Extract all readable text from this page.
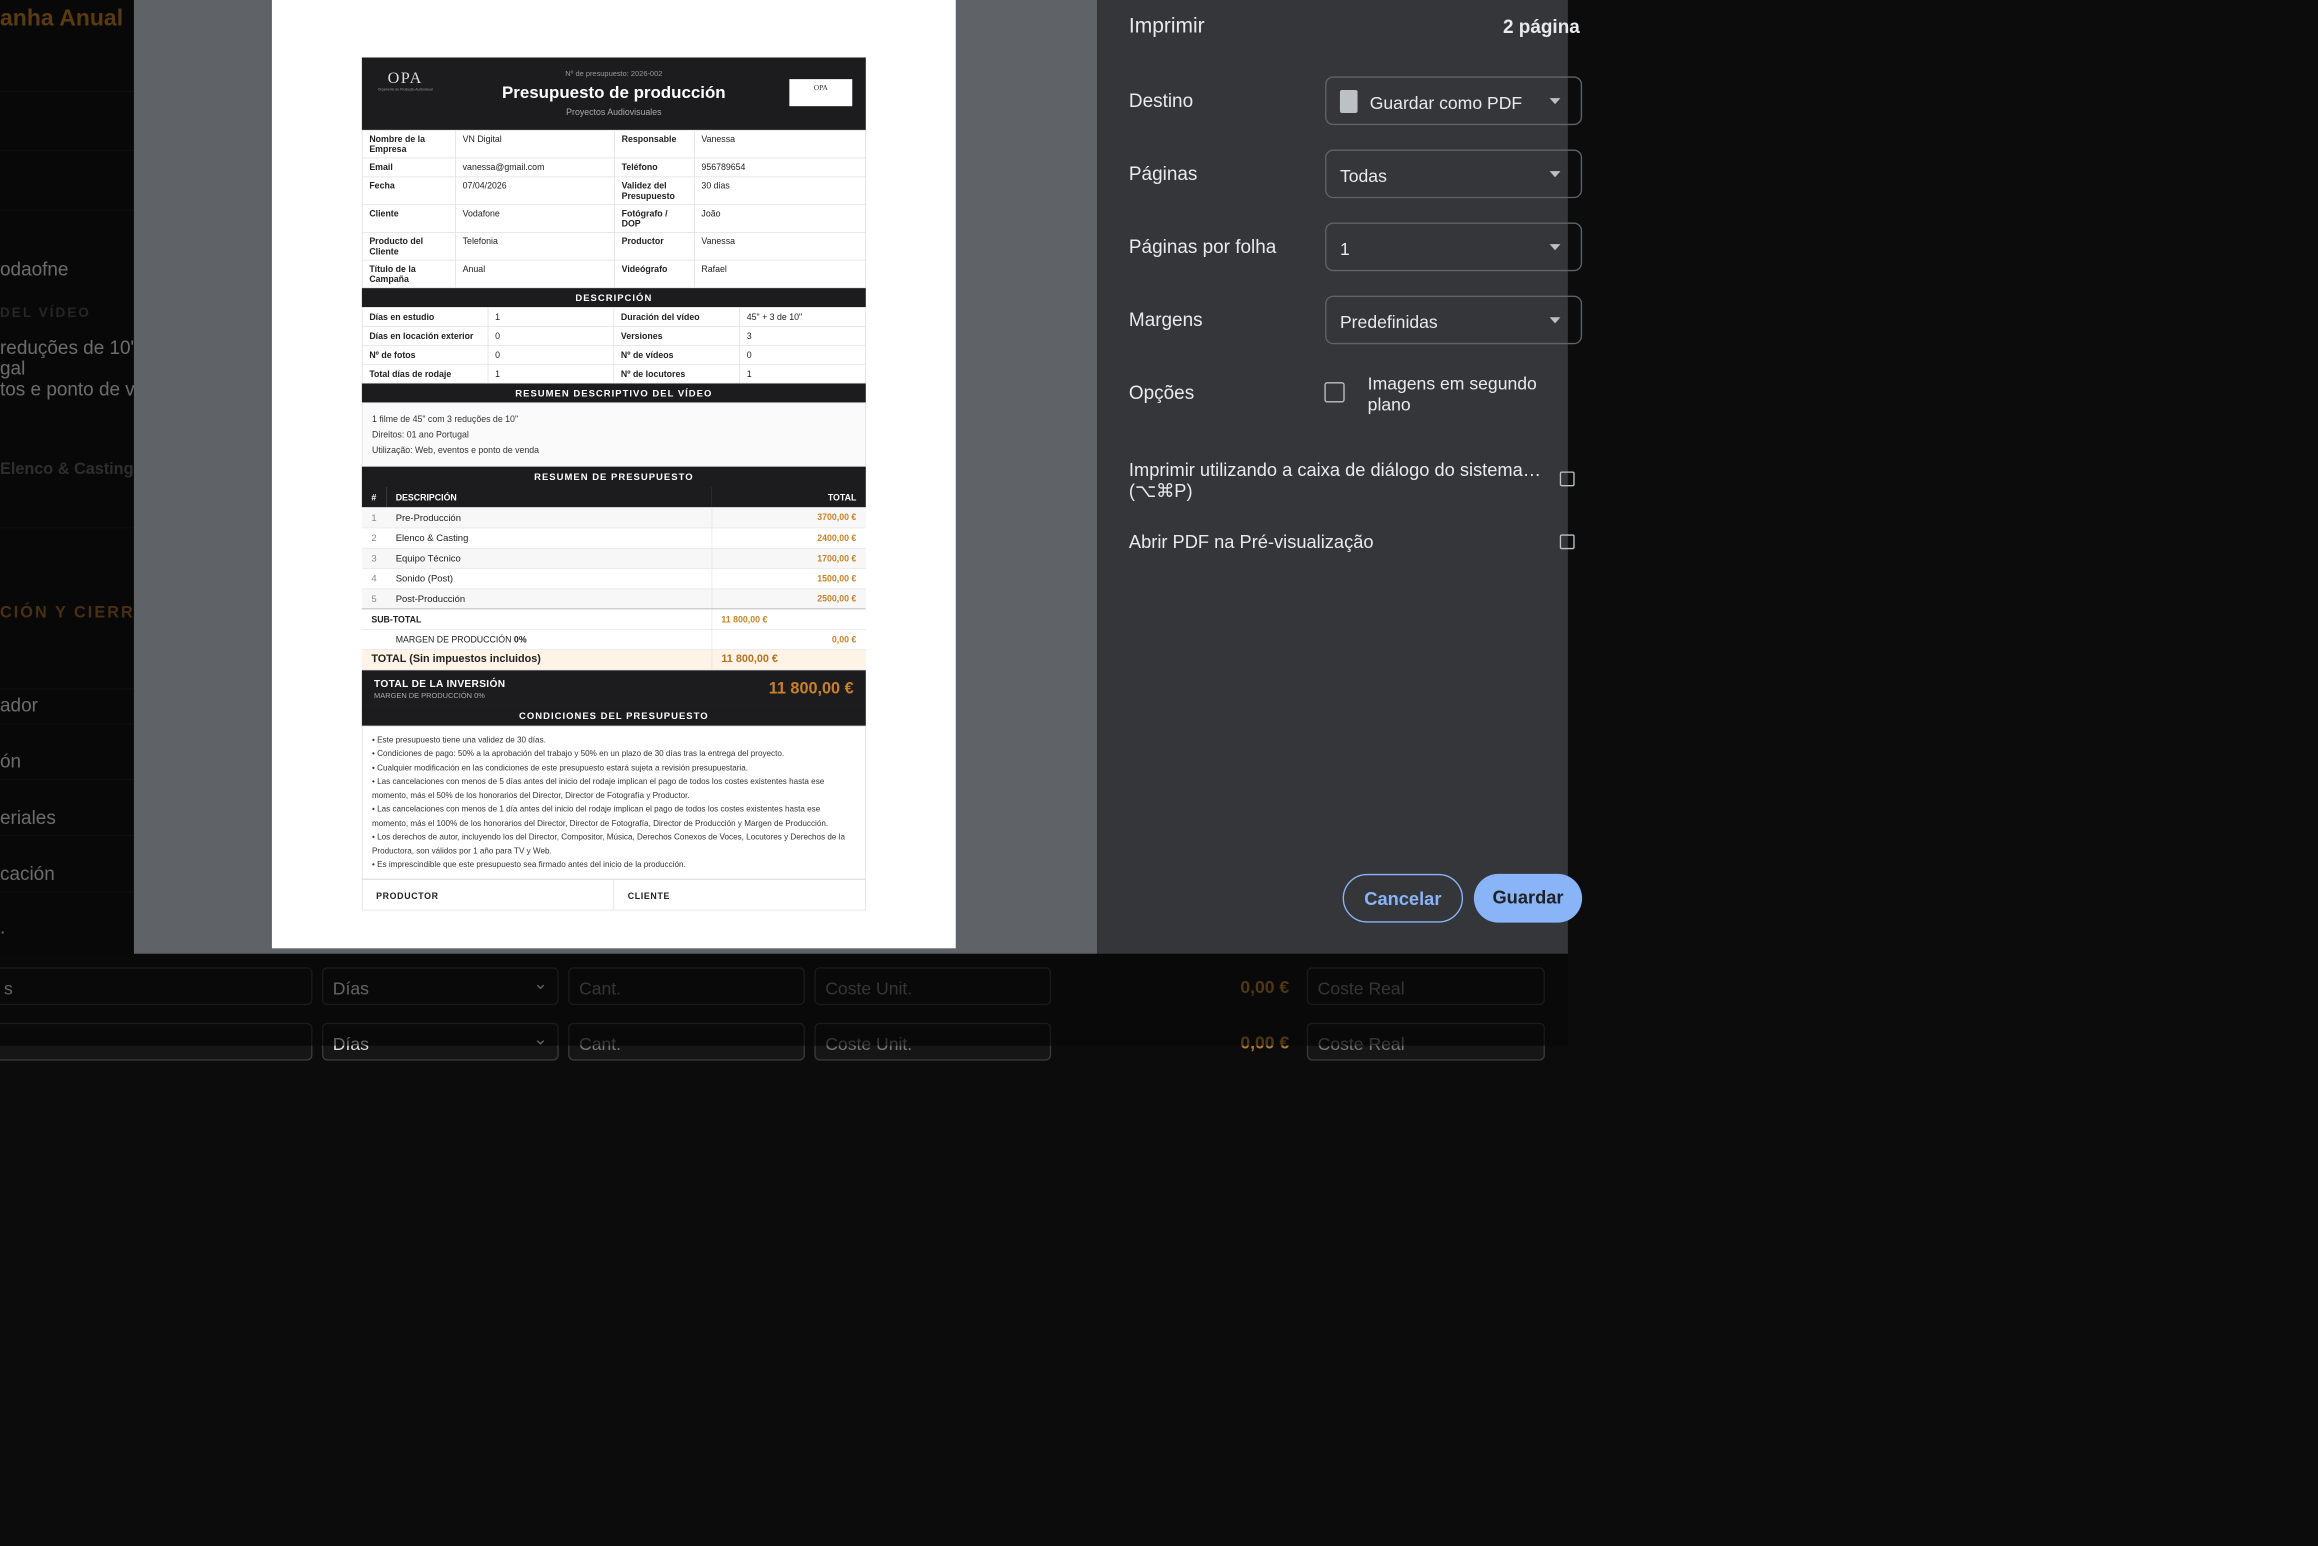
⌄
⌄
OPA
Orçamento de Produção Audiovisual
Nº de presupuesto: 2026-002
Presupuesto de producción
Proyectos Audiovisuales
OPA
Nombre de la Empresa	VN Digital	Responsable	Vanessa
Email	vanessa@gmail.com	Teléfono	956789654
Fecha	07/04/2026	Validez del Presupuesto	30 dias
Cliente	Vodafone	Fotógrafo / DOP	João
Producto del Cliente	Telefonia	Productor	Vanessa
Título de la Campaña	Anual	Videógrafo	Rafael
DESCRIPCIÓN
Días en estudio	1	Duración del vídeo	45" + 3 de 10"
Días en locación exterior	0	Versiones	3
Nº de fotos	0	Nº de vídeos	0
Total días de rodaje	1	Nº de locutores	1
RESUMEN DESCRIPTIVO DEL VÍDEO
1 filme de 45" com 3 reduções de 10"
Direitos: 01 ano Portugal
Utilização: Web, eventos e ponto de venda
RESUMEN DE PRESUPUESTO
#	DESCRIPCIÓN	TOTAL
1	Pre-Producción	3700,00 €
2	Elenco & Casting	2400,00 €
3	Equipo Técnico	1700,00 €
4	Sonido (Post)	1500,00 €
5	Post-Producción	2500,00 €
SUB-TOTAL		11 800,00 €
	MARGEN DE PRODUCCIÓN 0%	0,00 €
TOTAL (Sin impuestos incluidos)		11 800,00 €
TOTAL DE LA INVERSIÓN
MARGEN DE PRODUCCIÓN 0%	11 800,00 €
CONDICIONES DEL PRESUPUESTO
• Este presupuesto tiene una validez de 30 días.
• Condiciones de pago: 50% a la aprobación del trabajo y 50% en un plazo de 30 días tras la entrega del proyecto.
• Cualquier modificación en las condiciones de este presupuesto estará sujeta a revisión presupuestaria.
• Las cancelaciones con menos de 5 días antes del inicio del rodaje implican el pago de todos los costes existentes hasta ese momento, más el 50% de los honorarios del Director, Director de Fotografía y Productor.
• Las cancelaciones con menos de 1 día antes del inicio del rodaje implican el pago de todos los costes existentes hasta ese momento, más el 100% de los honorarios del Director, Director de Fotografía, Director de Producción y Margen de Producción.
• Los derechos de autor, incluyendo los del Director, Compositor, Música, Derechos Conexos de Voces, Locutores y Derechos de la Productora, son válidos por 1 año para TV y Web.
• Es imprescindible que este presupuesto sea firmado antes del inicio de la producción.
PRODUCTOR	CLIENTE
Imprimir	2 página
Destino	Guardar como PDF
Páginas	Todas
Páginas por folha	1
Margens	Predefinidas
Opções	Imagens em segundo plano
Imprimir utilizando a caixa de diálogo do sistema… (⌥⌘P)
Abrir PDF na Pré-visualização
Cancelar	Guardar
